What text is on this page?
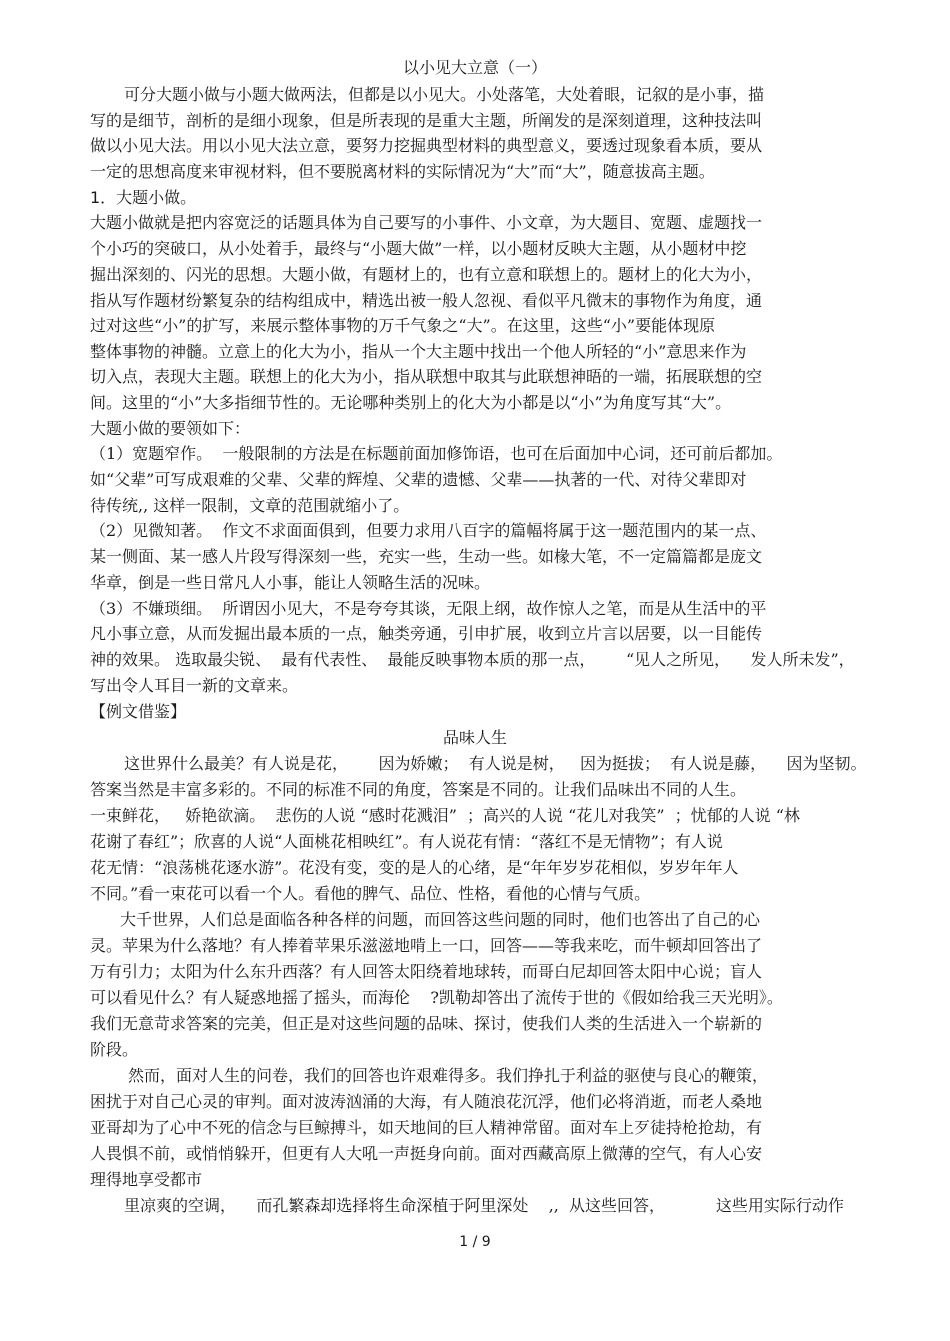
以小见大立意（一）
可分大题小做与小题大做两法，但都是以小见大。小处落笔，大处着眼，记叙的是小事，描
写的是细节，剖析的是细小现象，但是所表现的是重大主题，所阐发的是深刻道理，这种技法叫
做以小见大法。用以小见大法立意，要努力挖掘典型材料的典型意义，要透过现象看本质，要从
一定的思想高度来审视材料，但不要脱离材料的实际情况为“大”而“大”，随意拔高主题。
1．大题小做。
大题小做就是把内容宽泛的话题具体为自己要写的小事件、小文章，为大题目、宽题、虚题找一
个小巧的突破口，从小处着手，最终与“小题大做”一样，以小题材反映大主题，从小题材中挖
掘出深刻的、闪光的思想。大题小做，有题材上的，也有立意和联想上的。题材上的化大为小，
指从写作题材纷繁复杂的结构组成中，精选出被一般人忽视、看似平凡微末的事物作为角度，通
过对这些“小”的扩写，来展示整体事物的万千气象之“大”。在这里，这些“小”要能体现原
整体事物的神髓。立意上的化大为小，指从一个大主题中找出一个他人所轻的“小”意思来作为
切入点，表现大主题。联想上的化大为小，指从联想中取其与此联想神晤的一端，拓展联想的空
间。这里的“小”大多指细节性的。无论哪种类别上的化大为小都是以“小”为角度写其“大”。
大题小做的要领如下：
（1）宽题窄作。  一般限制的方法是在标题前面加修饰语，也可在后面加中心词，还可前后都加。
如“父辈”可写成艰难的父辈、父辈的辉煌、父辈的遗憾、父辈——执著的一代、对待父辈即对
待传统,, 这样一限制，文章的范围就缩小了。
（2）见微知著。  作文不求面面俱到，但要力求用八百字的篇幅将属于这一题范围内的某一点、
某一侧面、某一感人片段写得深刻一些，充实一些，生动一些。如椽大笔，不一定篇篇都是庞文
华章，倒是一些日常凡人小事，能让人领略生活的况味。
（3）不嫌琐细。  所谓因小见大，不是夸夸其谈，无限上纲，故作惊人之笔，而是从生活中的平
凡小事立意，从而发掘出最本质的一点，触类旁通，引申扩展，收到立片言以居要，以一目能传
神的效果。 选取最尖锐、  最有代表性、  最能反映事物本质的那一点，      “见人之所见，    发人所未发”，
写出令人耳目一新的文章来。
【例文借鉴】
品味人生
这世界什么最美？有人说是花，      因为娇嫩；  有人说是树，   因为挺拔；  有人说是藤，    因为坚韧。
答案当然是丰富多彩的。不同的标准不同的角度，答案是不同的。让我们品味出不同的人生。
一束鲜花，   娇艳欲滴。  悲伤的人说 “感时花溅泪”  ；高兴的人说 “花儿对我笑”  ；忧郁的人说 “林
花谢了春红”；欣喜的人说“人面桃花相映红”。有人说花有情：“落红不是无情物”；有人说
花无情：“浪荡桃花逐水游”。花没有变，变的是人的心绪，是“年年岁岁花相似，岁岁年年人
不同。”看一束花可以看一个人。看他的脾气、品位、性格，看他的心情与气质。
大千世界，人们总是面临各种各样的问题，而回答这些问题的同时，他们也答出了自己的心
灵。苹果为什么落地？有人捧着苹果乐滋滋地啃上一口，回答——等我来吃，而牛顿却回答出了
万有引力；太阳为什么东升西落？有人回答太阳绕着地球转，而哥白尼却回答太阳中心说；盲人
可以看见什么？有人疑惑地摇了摇头，而海伦    ?凯勒却答出了流传于世的《假如给我三天光明》。
我们无意苛求答案的完美，但正是对这些问题的品味、探讨，使我们人类的生活进入一个崭新的
阶段。
然而，面对人生的问卷，我们的回答也许艰难得多。我们挣扎于利益的驱使与良心的鞭策，
困扰于对自己心灵的审判。面对波涛汹涌的大海，有人随浪花沉浮，他们必将消逝，而老人桑地
亚哥却为了心中不死的信念与巨鲸搏斗，如天地间的巨人精神常留。面对车上歹徒持枪抢劫，有
人畏惧不前，或悄悄躲开，但更有人大吼一声挺身向前。面对西藏高原上微薄的空气，有人心安
理得地享受都市
里凉爽的空调，    而孔繁森却选择将生命深植于阿里深处    ,,  从这些回答，          这些用实际行动作
1 / 9
